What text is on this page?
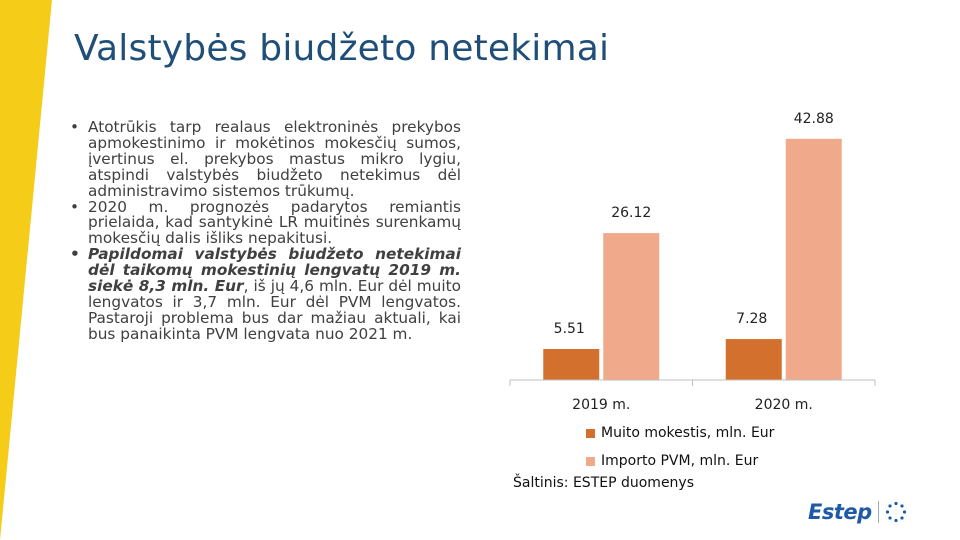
Valstybės biudžeto netekimai
• Atotrūkis tarp realaus elektroninės prekybos apmokestinimo ir mokėtinos mokesčių sumos, įvertinus el. prekybos mastus mikro lygiu, atspindi valstybės biudžeto netekimus dėl administravimo sistemos trūkumų.
• 2020 m. prognozės padarytos remiantis prielaida, kad santykinė LR muitinės surenkamų mokesčių dalis išliks nepakitusi.
• Papildomai valstybės biudžeto netekimai dėl taikomų mokestinių lengvatų 2019 m. siekė 8,3 mln. Eur, iš jų 4,6 mln. Eur dėl muito lengvatos ir 3,7 mln. Eur dėl PVM lengvatos. Pastaroji problema bus dar mažiau aktuali, kai bus panaikinta PVM lengvata nuo 2021 m.	5.51
26.12
7.28
42.88
2019 m.	2020 m.
Muito mokestis, mln. Eur
Importo PVM, mln. Eur
Šaltinis: ESTEP duomenys
Estep
